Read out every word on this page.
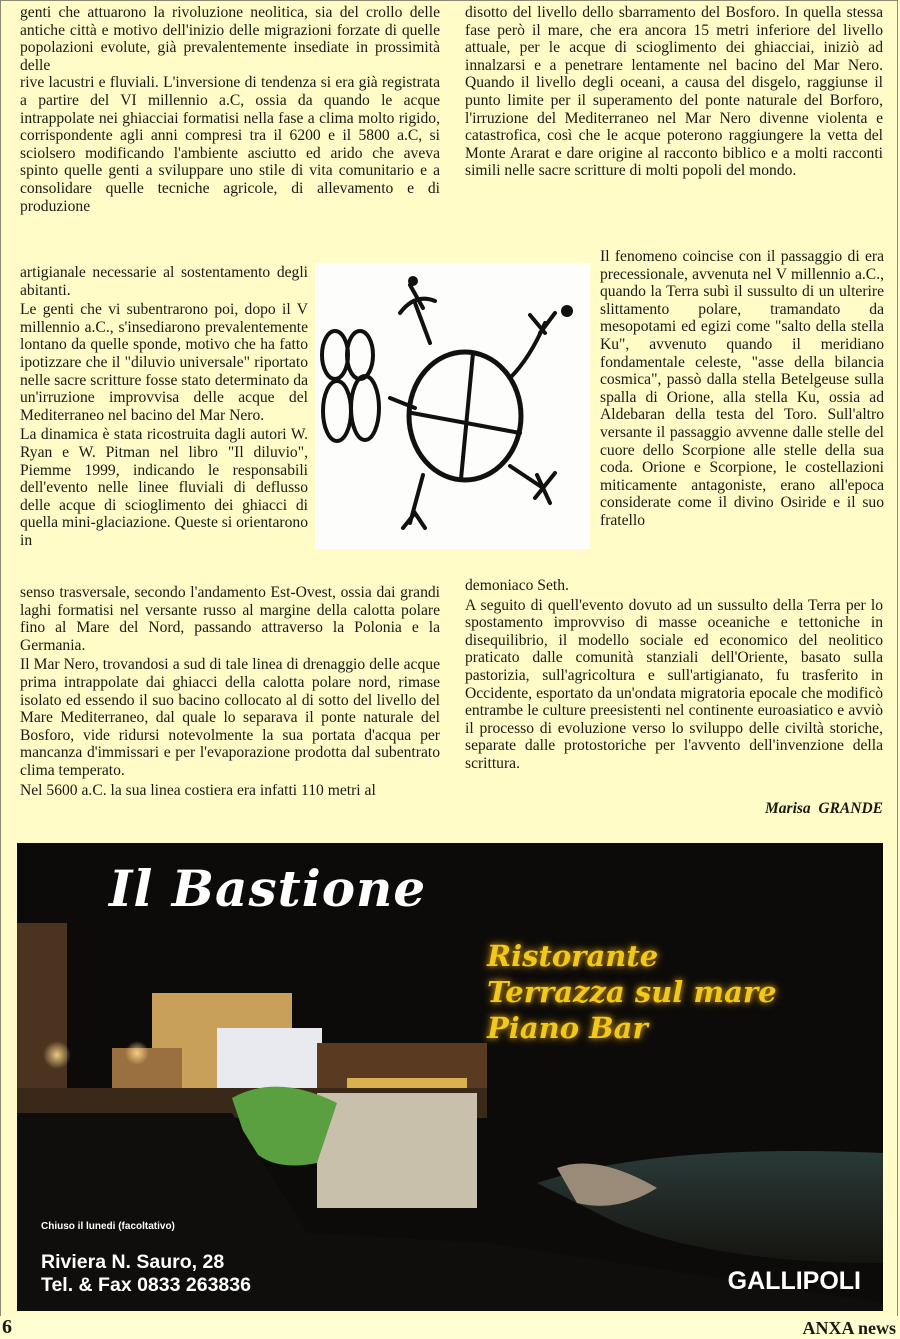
genti che attuarono la rivoluzione neolitica, sia del crollo delle antiche città e motivo dell'inizio delle migrazioni forzate di quelle popolazioni evolute, già prevalentemente insediate in prossimità delle

rive lacustri e fluviali. L'inversione di tendenza si era già registrata a partire del VI millennio a.C, ossia da quando le acque intrappolate nei ghiacciai formatisi nella fase a clima molto rigido, corrispondente agli anni compresi tra il 6200 e il 5800 a.C, si sciolsero modificando l'ambiente asciutto ed arido che aveva spinto quelle genti a sviluppare uno stile di vita comunitario e a consolidare quelle tecniche agricole, di allevamento e di produzione

artigianale necessarie al sostentamento degli abitanti.

Le genti che vi subentrarono poi, dopo il V millennio a.C., s'insediarono prevalentemente lontano da quelle sponde, motivo che ha fatto ipotizzare che il "diluvio universale" riportato nelle sacre scritture fosse stato determinato da un'irruzione improvvisa delle acque del Mediterraneo nel bacino del Mar Nero.

La dinamica è stata ricostruita dagli autori W. Ryan e W. Pitman nel libro "Il diluvio", Piemme 1999, indicando le responsabili dell'evento nelle linee fluviali di deflusso delle acque di scioglimento dei ghiacci di quella mini-glaciazione. Queste si orientarono in

senso trasversale, secondo l'andamento Est-Ovest, ossia dai grandi laghi formatisi nel versante russo al margine della calotta polare fino al Mare del Nord, passando attraverso la Polonia e la Germania.

Il Mar Nero, trovandosi a sud di tale linea di drenaggio delle acque prima intrappolate dai ghiacci della calotta polare nord, rimase isolato ed essendo il suo bacino collocato al di sotto del livello del Mare Mediterraneo, dal quale lo separava il ponte naturale del Bosforo, vide ridursi notevolmente la sua portata d'acqua per mancanza d'immissari e per l'evaporazione prodotta dal subentrato clima temperato.

Nel 5600 a.C. la sua linea costiera era infatti 110 metri al

disotto del livello dello sbarramento del Bosforo. In quella stessa fase però il mare, che era ancora 15 metri inferiore del livello attuale, per le acque di scioglimento dei ghiacciai, iniziò ad innalzarsi e a penetrare lentamente nel bacino del Mar Nero. Quando il livello degli oceani, a causa del disgelo, raggiunse il punto limite per il superamento del ponte naturale del Borforo, l'irruzione del Mediterraneo nel Mar Nero divenne violenta e catastrofica, così che le acque poterono raggiungere la vetta del Monte Ararat e dare origine al racconto biblico e a molti racconti simili nelle sacre scritture di molti popoli del mondo.

Il fenomeno coincise con il passaggio di era precessionale, avvenuta nel V millennio a.C., quando la Terra subì il sussulto di un ulterire slittamento polare, tramandato da mesopotami ed egizi come "salto della stella Ku", avvenuto quando il meridiano fondamentale celeste, "asse della bilancia cosmica", passò dalla stella Betelgeuse sulla spalla di Orione, alla stella Ku, ossia ad Aldebaran della testa del Toro. Sull'altro versante il passaggio avvenne dalle stelle del cuore dello Scorpione alle stelle della sua coda. Orione e Scorpione, le costellazioni miticamente antagoniste, erano all'epoca considerate come il divino Osiride e il suo fratello

demoniaco Seth.

A seguito di quell'evento dovuto ad un sussulto della Terra per lo spostamento improvviso di masse oceaniche e tettoniche in disequilibrio, il modello sociale ed economico del neolitico praticato dalle comunità stanziali dell'Oriente, basato sulla pastorizia, sull'agricoltura e sull'artigianato, fu trasferito in Occidente, esportato da un'ondata migratoria epocale che modificò entrambe le culture preesistenti nel continente euroasiatico e avviò il processo di evoluzione verso lo sviluppo delle civiltà storiche, separate dalle protostoriche per l'avvento dell'invenzione della scrittura.

Marisa  GRANDE
Il Bastione
Ristorante
Terrazza sul mare
Piano Bar
Chiuso il lunedi (facoltativo)
Riviera N. Sauro, 28
Tel. & Fax 0833 263836	GALLIPOLI
6	ANXA news
